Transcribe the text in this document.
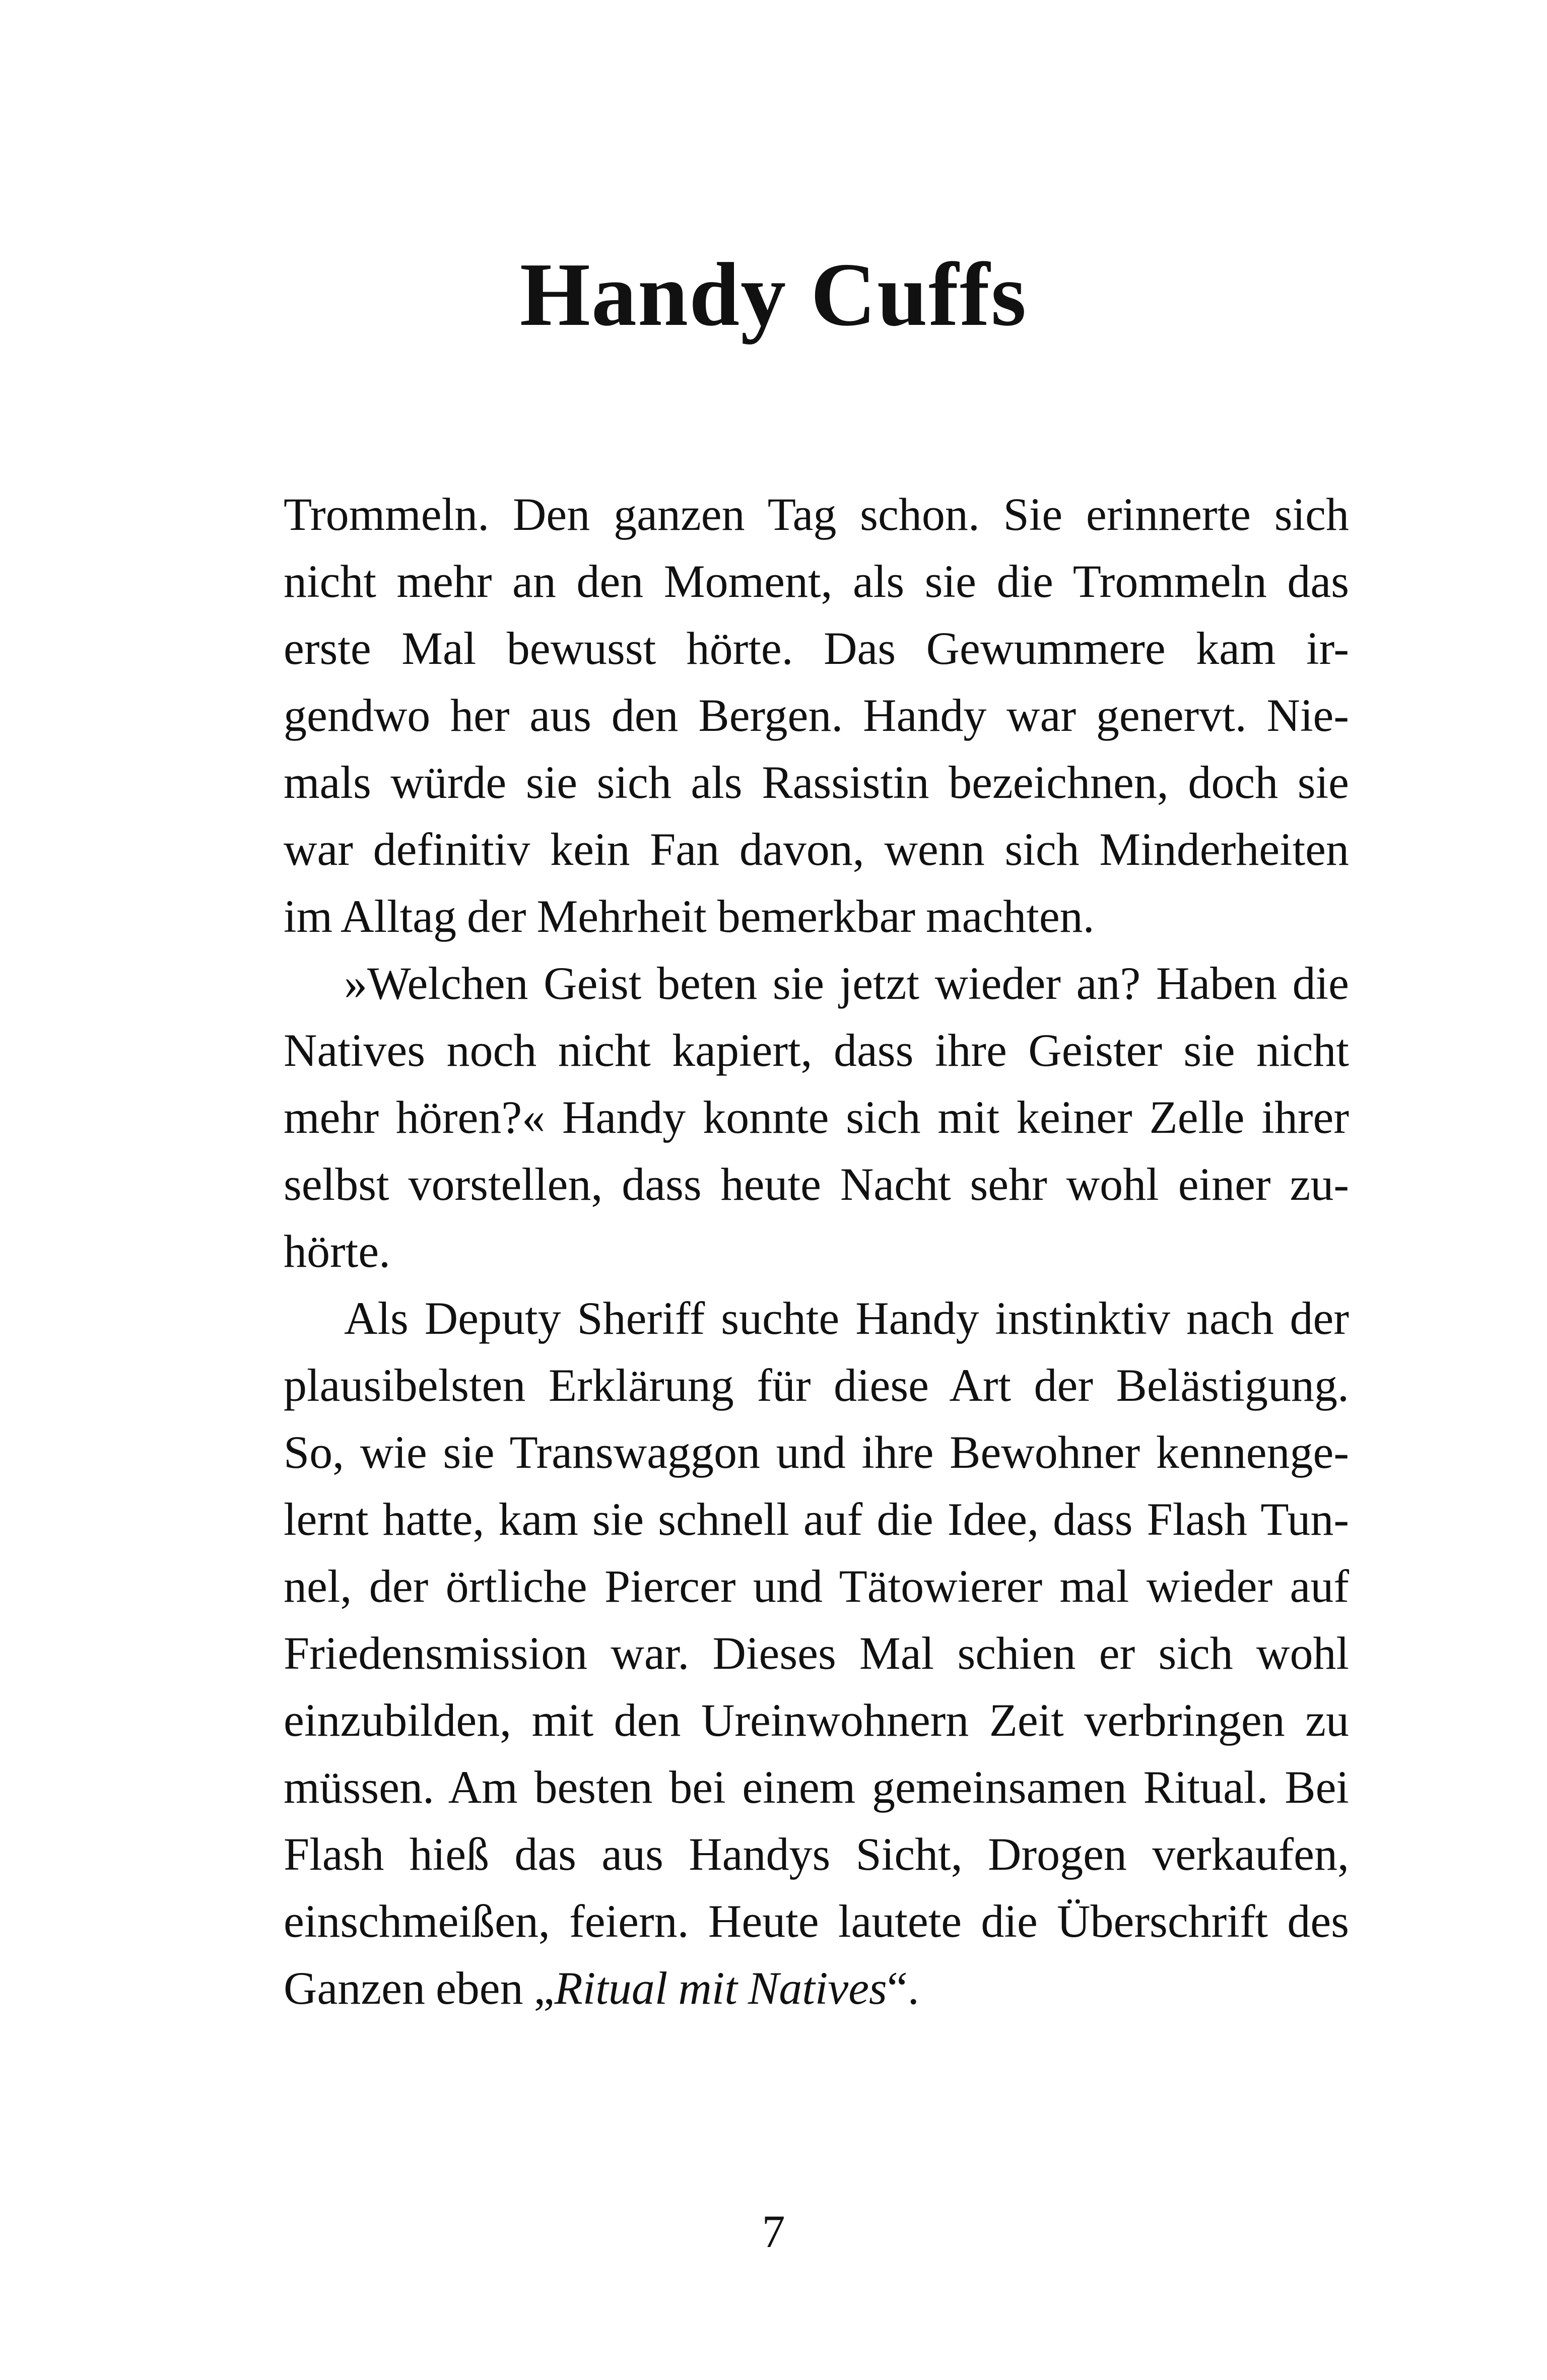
Handy Cuffs
Trommeln. Den ganzen Tag schon. Sie erinnerte sich
nicht mehr an den Moment, als sie die Trommeln das
erste Mal bewusst hörte. Das Gewummere kam ir-
gendwo her aus den Bergen. Handy war genervt. Nie-
mals würde sie sich als Rassistin bezeichnen, doch sie
war definitiv kein Fan davon, wenn sich Minderheiten
im Alltag der Mehrheit bemerkbar machten.
»Welchen Geist beten sie jetzt wieder an? Haben die
Natives noch nicht kapiert, dass ihre Geister sie nicht
mehr hören?« Handy konnte sich mit keiner Zelle ihrer
selbst vorstellen, dass heute Nacht sehr wohl einer zu-
hörte.
Als Deputy Sheriff suchte Handy instinktiv nach der
plausibelsten Erklärung für diese Art der Belästigung.
So, wie sie Transwaggon und ihre Bewohner kennenge-
lernt hatte, kam sie schnell auf die Idee, dass Flash Tun-
nel, der örtliche Piercer und Tätowierer mal wieder auf
Friedensmission war. Dieses Mal schien er sich wohl
einzubilden, mit den Ureinwohnern Zeit verbringen zu
müssen. Am besten bei einem gemeinsamen Ritual. Bei
Flash hieß das aus Handys Sicht, Drogen verkaufen,
einschmeißen, feiern. Heute lautete die Überschrift des
Ganzen eben „Ritual mit Natives“.
7
